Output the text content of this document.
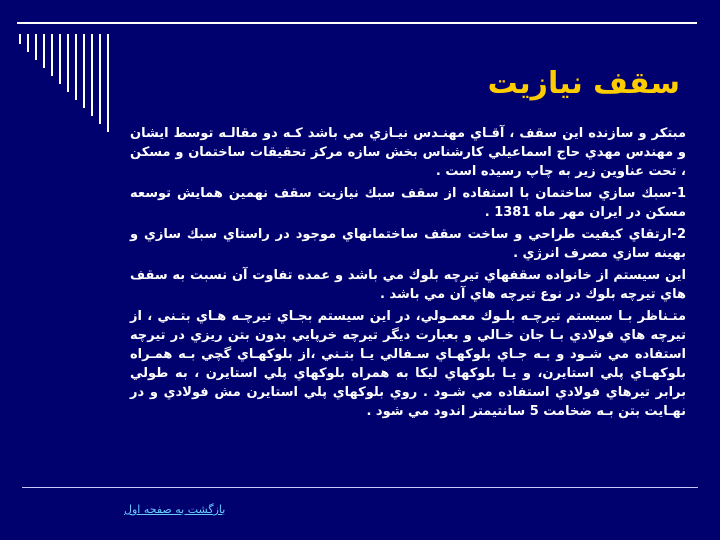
سقف نيازيت

مبتكر و سازنده اين سقف ، آقـاي مهنـدس نيـازي مي باشد كـه دو مقالـه توسط ايشان و مهندس مهدي حاج اسماعيلي كارشناس بخش سازه مركز تحقيقات ساختمان و مسكن ، تحت عناوين زير به چاپ رسيده است .

1-سبك سازي ساختمان با استفاده از سقف سبك نيازيت سقف نهمين همايش توسعه مسكن در ايران مهر ماه 1381 .

2-ارتقاي كيفيت طراحي و ساخت سقف ساختمانهاي موجود در راستاي سبك سازي و بهينه سازي مصرف انرژي .

اين سيستم از خانواده سقفهاي تيرچه بلوك مي باشد و عمده تفاوت آن نسبت به سقف هاي تيرچه بلوك در نوع تيرچه هاي آن مي باشد .

متـناظر بـا سيستم تيرچـه بلـوك معمـولي، در اين سيستم بجـاي تيرچـه هـاي بتـني ، از تيرچه هاي فولادي بـا جان خـالي و بعبارت ديگر تيرچه خرپايي بدون بتن ريزي در تيرچه استفاده مي شـود و بـه جـاي بلوكهـاي سـفالي يـا بتـني ،از بلوكهـاي گچي بـه همـراه بلوكهـاي پلي استايرن، و يـا بلوكهاي ليكا به همراه بلوكهاي پلي استايرن ، به طولي برابر تيرهاي فولادي استفاده مي شـود . روي بلوكهاي پلي استايرن مش فولادي و در نهـايت بتن بـه ضخامت 5 سانتيمتر اندود مي شود .

بازگشت به صفحه اول
